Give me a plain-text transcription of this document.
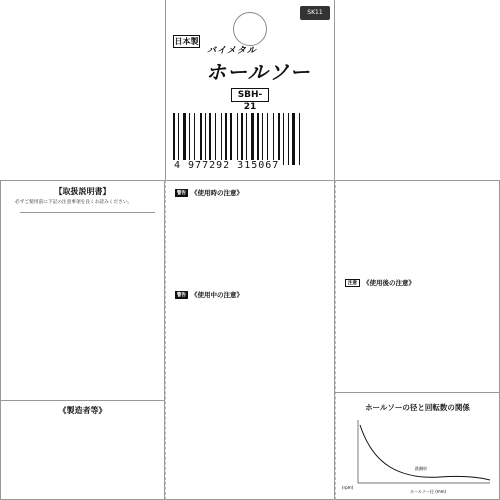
SK11
日本製
バイメタル
ホールソー
SBH-21
4 977292 315067
【取扱説明書】
必ずご使用前に下記の注意事項を良くお読みください。
《製造者等》
警告 《使用時の注意》
警告 《使用中の注意》
注意 《使用後の注意》
ホールソーの径と回転数の関係
(rpm)
ホールソー径 (mm)
鉄鋼材
